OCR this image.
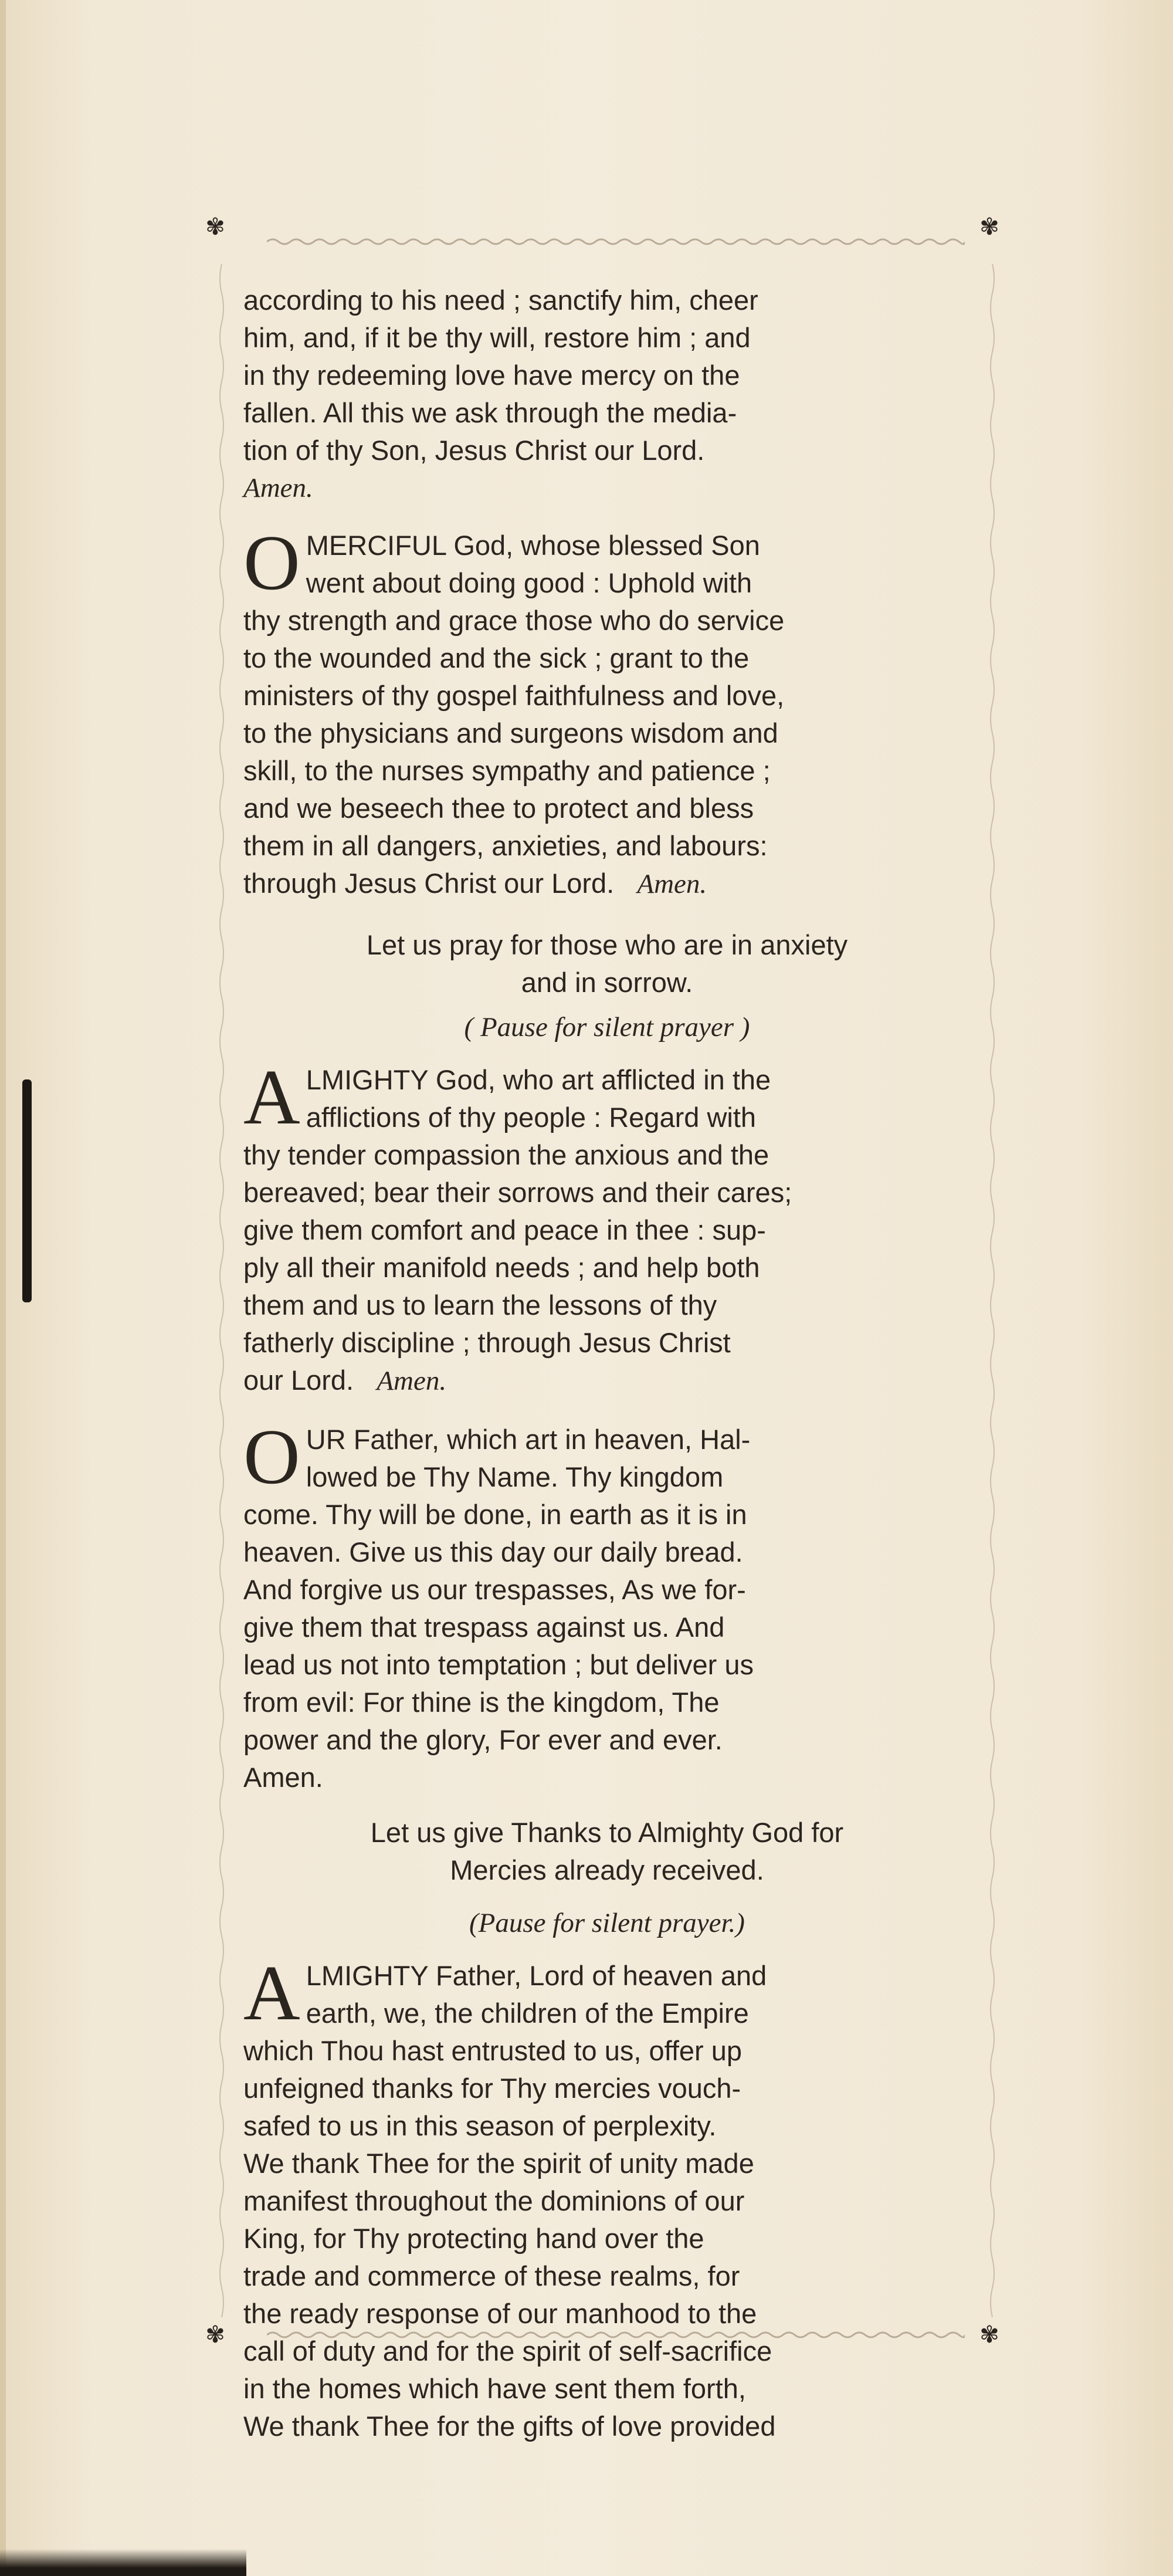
✾	✾
✾	✾
according to his need ; sanctify him, cheer
him, and, if it be thy will, restore him ; and
in thy redeeming love have mercy on the
fallen. All this we ask through the media-
tion of thy Son, Jesus Christ our Lord.
Amen.
O MERCIFUL God, whose blessed Son
went about doing good : Uphold with
thy strength and grace those who do service
to the wounded and the sick ; grant to the
ministers of thy gospel faithfulness and love,
to the physicians and surgeons wisdom and
skill, to the nurses sympathy and patience ;
and we beseech thee to protect and bless
them in all dangers, anxieties, and labours:
through Jesus Christ our Lord. Amen.
Let us pray for those who are in anxiety
and in sorrow.
( Pause for silent prayer )
A LMIGHTY God, who art afflicted in the
afflictions of thy people : Regard with
thy tender compassion the anxious and the
bereaved; bear their sorrows and their cares;
give them comfort and peace in thee : sup-
ply all their manifold needs ; and help both
them and us to learn the lessons of thy
fatherly discipline ; through Jesus Christ
our Lord. Amen.
O UR Father, which art in heaven, Hal-
lowed be Thy Name. Thy kingdom
come. Thy will be done, in earth as it is in
heaven. Give us this day our daily bread.
And forgive us our trespasses, As we for-
give them that trespass against us. And
lead us not into temptation ; but deliver us
from evil: For thine is the kingdom, The
power and the glory, For ever and ever.
Amen.
Let us give Thanks to Almighty God for
Mercies already received.
(Pause for silent prayer.)
A LMIGHTY Father, Lord of heaven and
earth, we, the children of the Empire
which Thou hast entrusted to us, offer up
unfeigned thanks for Thy mercies vouch-
safed to us in this season of perplexity.
We thank Thee for the spirit of unity made
manifest throughout the dominions of our
King, for Thy protecting hand over the
trade and commerce of these realms, for
the ready response of our manhood to the
call of duty and for the spirit of self-sacrifice
in the homes which have sent them forth,
We thank Thee for the gifts of love provided
